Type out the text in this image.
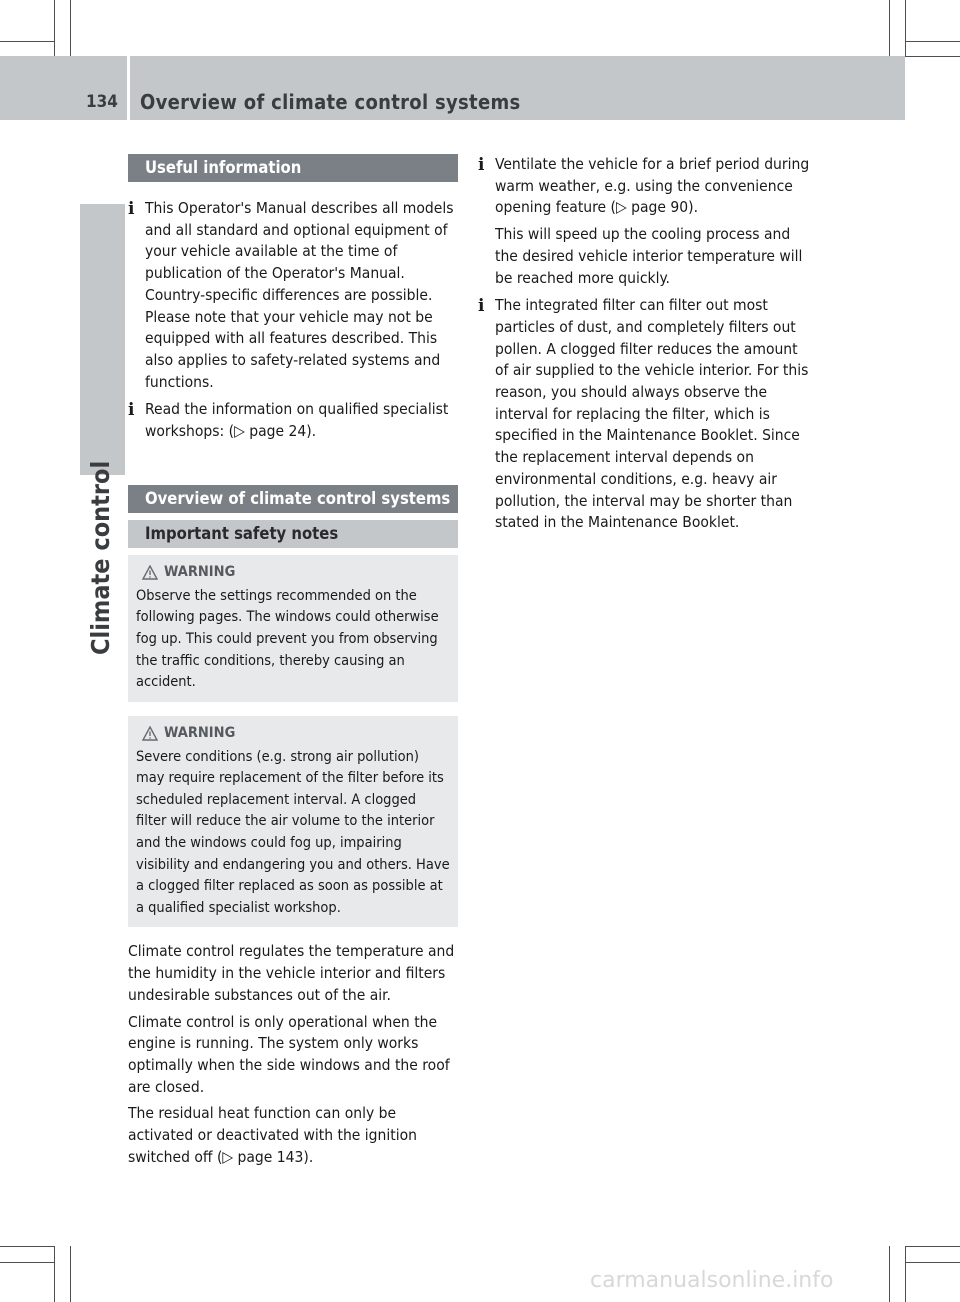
134 Overview of climate control systems
Climate control
Useful information
i This Operator's Manual describes all models and all standard and optional equipment of your vehicle available at the time of publication of the Operator's Manual. Country-specific differences are possible. Please note that your vehicle may not be equipped with all features described. This also applies to safety-related systems and functions.

i Read the information on qualified specialist workshops: (▷ page 24).

Overview of climate control systems
Important safety notes
WARNING

Observe the settings recommended on the following pages. The windows could otherwise fog up. This could prevent you from observing the traffic conditions, thereby causing an accident.

WARNING

Severe conditions (e.g. strong air pollution) may require replacement of the filter before its scheduled replacement interval. A clogged filter will reduce the air volume to the interior and the windows could fog up, impairing visibility and endangering you and others. Have a clogged filter replaced as soon as possible at a qualified specialist workshop.

Climate control regulates the temperature and the humidity in the vehicle interior and filters undesirable substances out of the air.

Climate control is only operational when the engine is running. The system only works optimally when the side windows and the roof are closed.

The residual heat function can only be activated or deactivated with the ignition switched off (▷ page 143).

i Ventilate the vehicle for a brief period during warm weather, e.g. using the convenience opening feature (▷ page 90).

This will speed up the cooling process and the desired vehicle interior temperature will be reached more quickly.

i The integrated filter can filter out most particles of dust, and completely filters out pollen. A clogged filter reduces the amount of air supplied to the vehicle interior. For this reason, you should always observe the interval for replacing the filter, which is specified in the Maintenance Booklet. Since the replacement interval depends on environmental conditions, e.g. heavy air pollution, the interval may be shorter than stated in the Maintenance Booklet.

carmanualsonline.info
